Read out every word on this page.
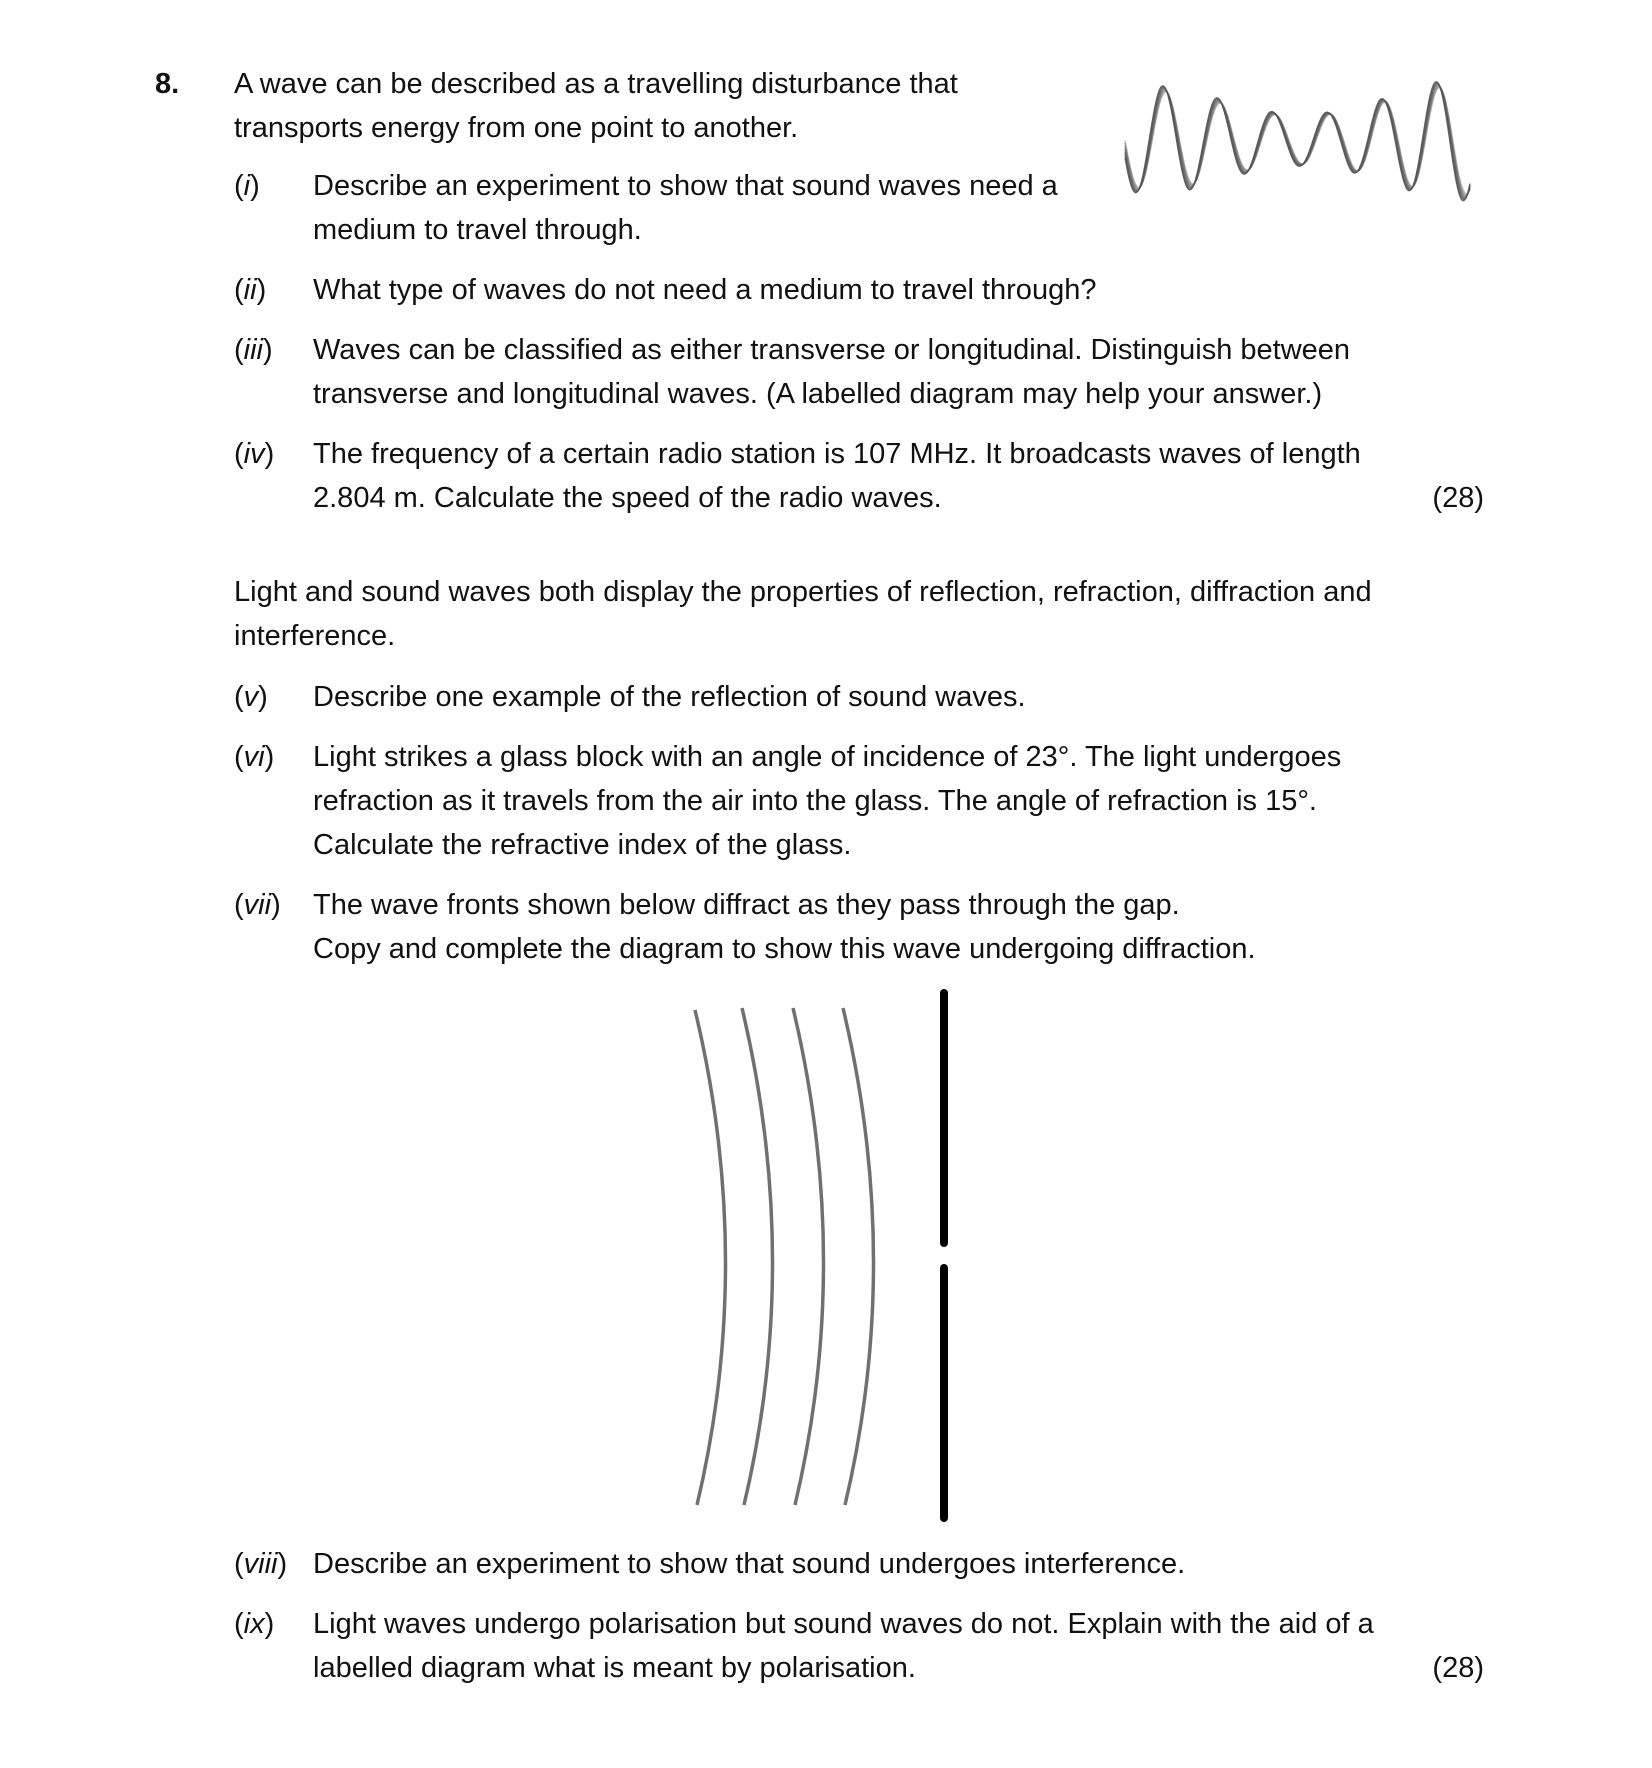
8. A wave can be described as a travelling disturbance that
transports energy from one point to another.
(i) Describe an experiment to show that sound waves need a
medium to travel through.
(ii) What type of waves do not need a medium to travel through?
(iii) Waves can be classified as either transverse or longitudinal. Distinguish between
transverse and longitudinal waves. (A labelled diagram may help your answer.)
(iv) The frequency of a certain radio station is 107 MHz. It broadcasts waves of length
2.804 m. Calculate the speed of the radio waves.	(28)
Light and sound waves both display the properties of reflection, refraction, diffraction and
interference.
(v) Describe one example of the reflection of sound waves.
(vi) Light strikes a glass block with an angle of incidence of 23°. The light undergoes
refraction as it travels from the air into the glass. The angle of refraction is 15°.
Calculate the refractive index of the glass.
(vii) The wave fronts shown below diffract as they pass through the gap.
Copy and complete the diagram to show this wave undergoing diffraction.
(viii) Describe an experiment to show that sound undergoes interference.
(ix) Light waves undergo polarisation but sound waves do not. Explain with the aid of a
labelled diagram what is meant by polarisation.	(28)
